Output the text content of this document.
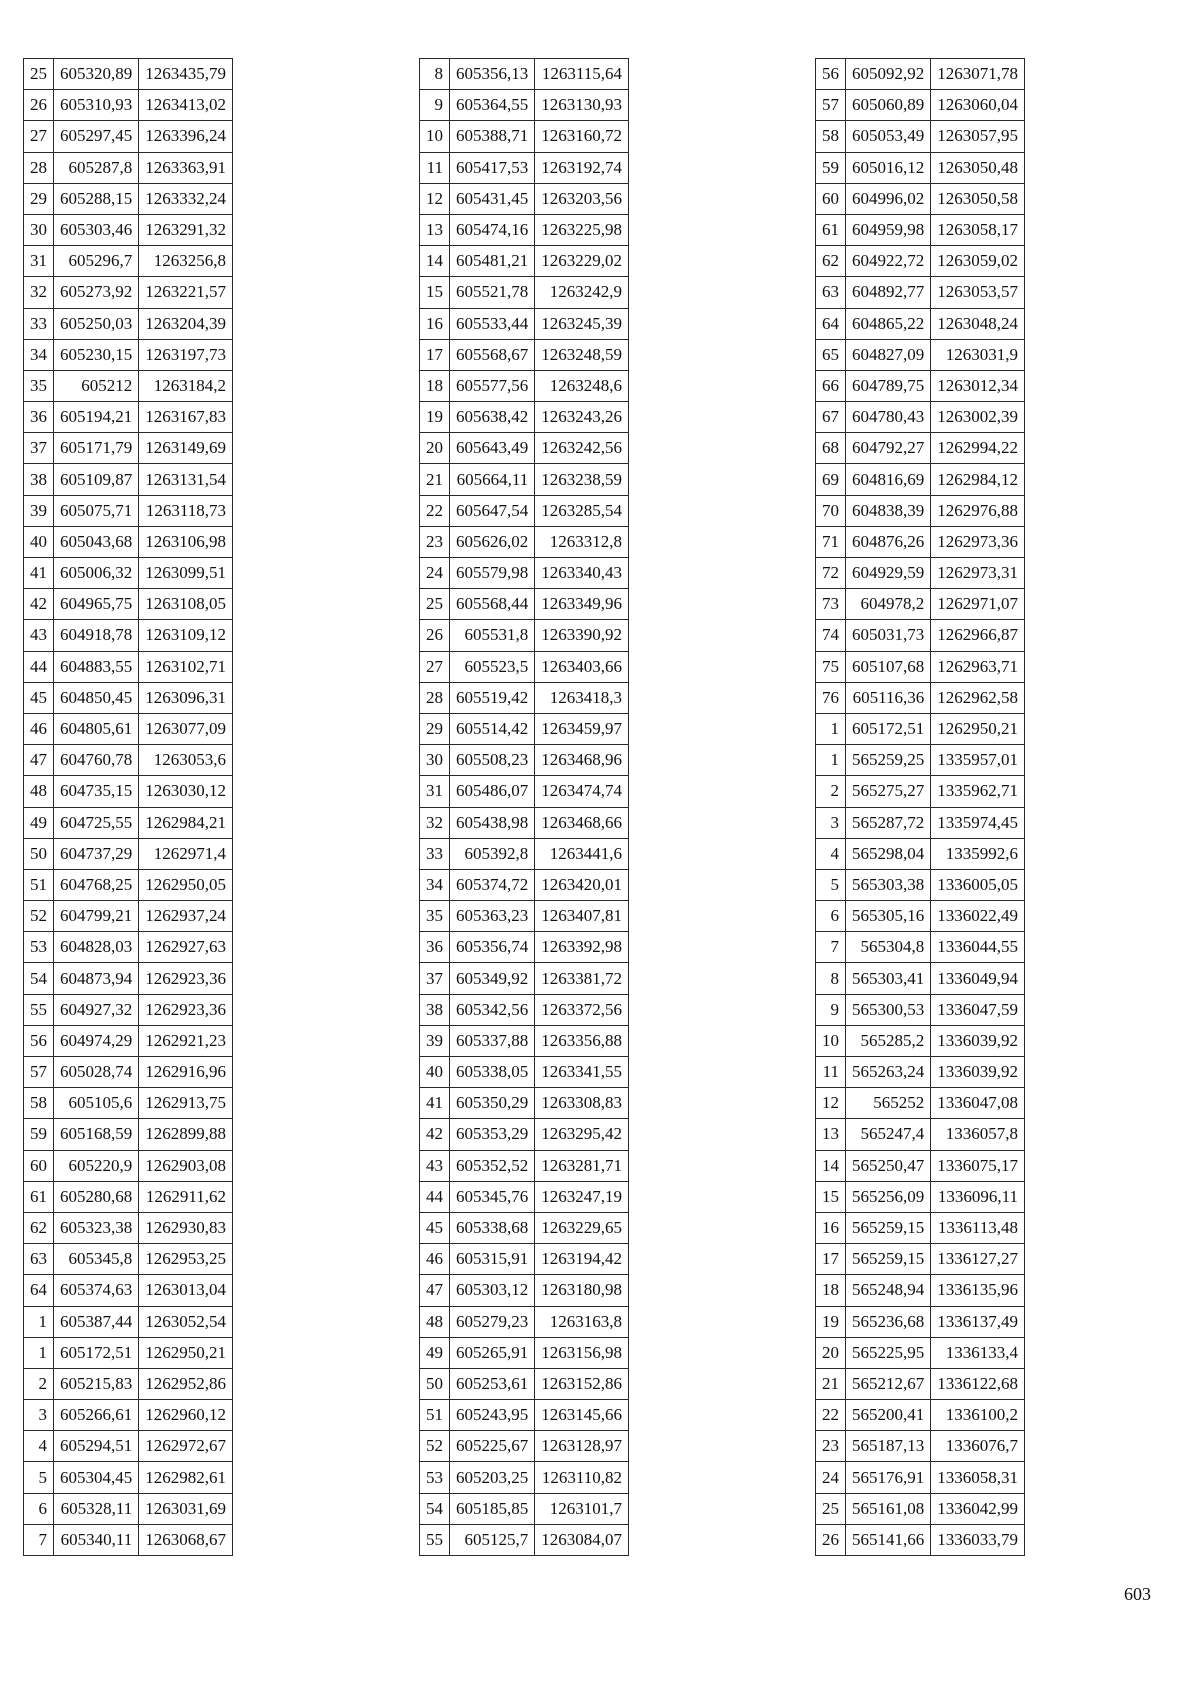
25	605320,89	1263435,79
26	605310,93	1263413,02
27	605297,45	1263396,24
28	605287,8	1263363,91
29	605288,15	1263332,24
30	605303,46	1263291,32
31	605296,7	1263256,8
32	605273,92	1263221,57
33	605250,03	1263204,39
34	605230,15	1263197,73
35	605212	1263184,2
36	605194,21	1263167,83
37	605171,79	1263149,69
38	605109,87	1263131,54
39	605075,71	1263118,73
40	605043,68	1263106,98
41	605006,32	1263099,51
42	604965,75	1263108,05
43	604918,78	1263109,12
44	604883,55	1263102,71
45	604850,45	1263096,31
46	604805,61	1263077,09
47	604760,78	1263053,6
48	604735,15	1263030,12
49	604725,55	1262984,21
50	604737,29	1262971,4
51	604768,25	1262950,05
52	604799,21	1262937,24
53	604828,03	1262927,63
54	604873,94	1262923,36
55	604927,32	1262923,36
56	604974,29	1262921,23
57	605028,74	1262916,96
58	605105,6	1262913,75
59	605168,59	1262899,88
60	605220,9	1262903,08
61	605280,68	1262911,62
62	605323,38	1262930,83
63	605345,8	1262953,25
64	605374,63	1263013,04
1	605387,44	1263052,54
1	605172,51	1262950,21
2	605215,83	1262952,86
3	605266,61	1262960,12
4	605294,51	1262972,67
5	605304,45	1262982,61
6	605328,11	1263031,69
7	605340,11	1263068,67
8	605356,13	1263115,64
9	605364,55	1263130,93
10	605388,71	1263160,72
11	605417,53	1263192,74
12	605431,45	1263203,56
13	605474,16	1263225,98
14	605481,21	1263229,02
15	605521,78	1263242,9
16	605533,44	1263245,39
17	605568,67	1263248,59
18	605577,56	1263248,6
19	605638,42	1263243,26
20	605643,49	1263242,56
21	605664,11	1263238,59
22	605647,54	1263285,54
23	605626,02	1263312,8
24	605579,98	1263340,43
25	605568,44	1263349,96
26	605531,8	1263390,92
27	605523,5	1263403,66
28	605519,42	1263418,3
29	605514,42	1263459,97
30	605508,23	1263468,96
31	605486,07	1263474,74
32	605438,98	1263468,66
33	605392,8	1263441,6
34	605374,72	1263420,01
35	605363,23	1263407,81
36	605356,74	1263392,98
37	605349,92	1263381,72
38	605342,56	1263372,56
39	605337,88	1263356,88
40	605338,05	1263341,55
41	605350,29	1263308,83
42	605353,29	1263295,42
43	605352,52	1263281,71
44	605345,76	1263247,19
45	605338,68	1263229,65
46	605315,91	1263194,42
47	605303,12	1263180,98
48	605279,23	1263163,8
49	605265,91	1263156,98
50	605253,61	1263152,86
51	605243,95	1263145,66
52	605225,67	1263128,97
53	605203,25	1263110,82
54	605185,85	1263101,7
55	605125,7	1263084,07
56	605092,92	1263071,78
57	605060,89	1263060,04
58	605053,49	1263057,95
59	605016,12	1263050,48
60	604996,02	1263050,58
61	604959,98	1263058,17
62	604922,72	1263059,02
63	604892,77	1263053,57
64	604865,22	1263048,24
65	604827,09	1263031,9
66	604789,75	1263012,34
67	604780,43	1263002,39
68	604792,27	1262994,22
69	604816,69	1262984,12
70	604838,39	1262976,88
71	604876,26	1262973,36
72	604929,59	1262973,31
73	604978,2	1262971,07
74	605031,73	1262966,87
75	605107,68	1262963,71
76	605116,36	1262962,58
1	605172,51	1262950,21
1	565259,25	1335957,01
2	565275,27	1335962,71
3	565287,72	1335974,45
4	565298,04	1335992,6
5	565303,38	1336005,05
6	565305,16	1336022,49
7	565304,8	1336044,55
8	565303,41	1336049,94
9	565300,53	1336047,59
10	565285,2	1336039,92
11	565263,24	1336039,92
12	565252	1336047,08
13	565247,4	1336057,8
14	565250,47	1336075,17
15	565256,09	1336096,11
16	565259,15	1336113,48
17	565259,15	1336127,27
18	565248,94	1336135,96
19	565236,68	1336137,49
20	565225,95	1336133,4
21	565212,67	1336122,68
22	565200,41	1336100,2
23	565187,13	1336076,7
24	565176,91	1336058,31
25	565161,08	1336042,99
26	565141,66	1336033,79
603
